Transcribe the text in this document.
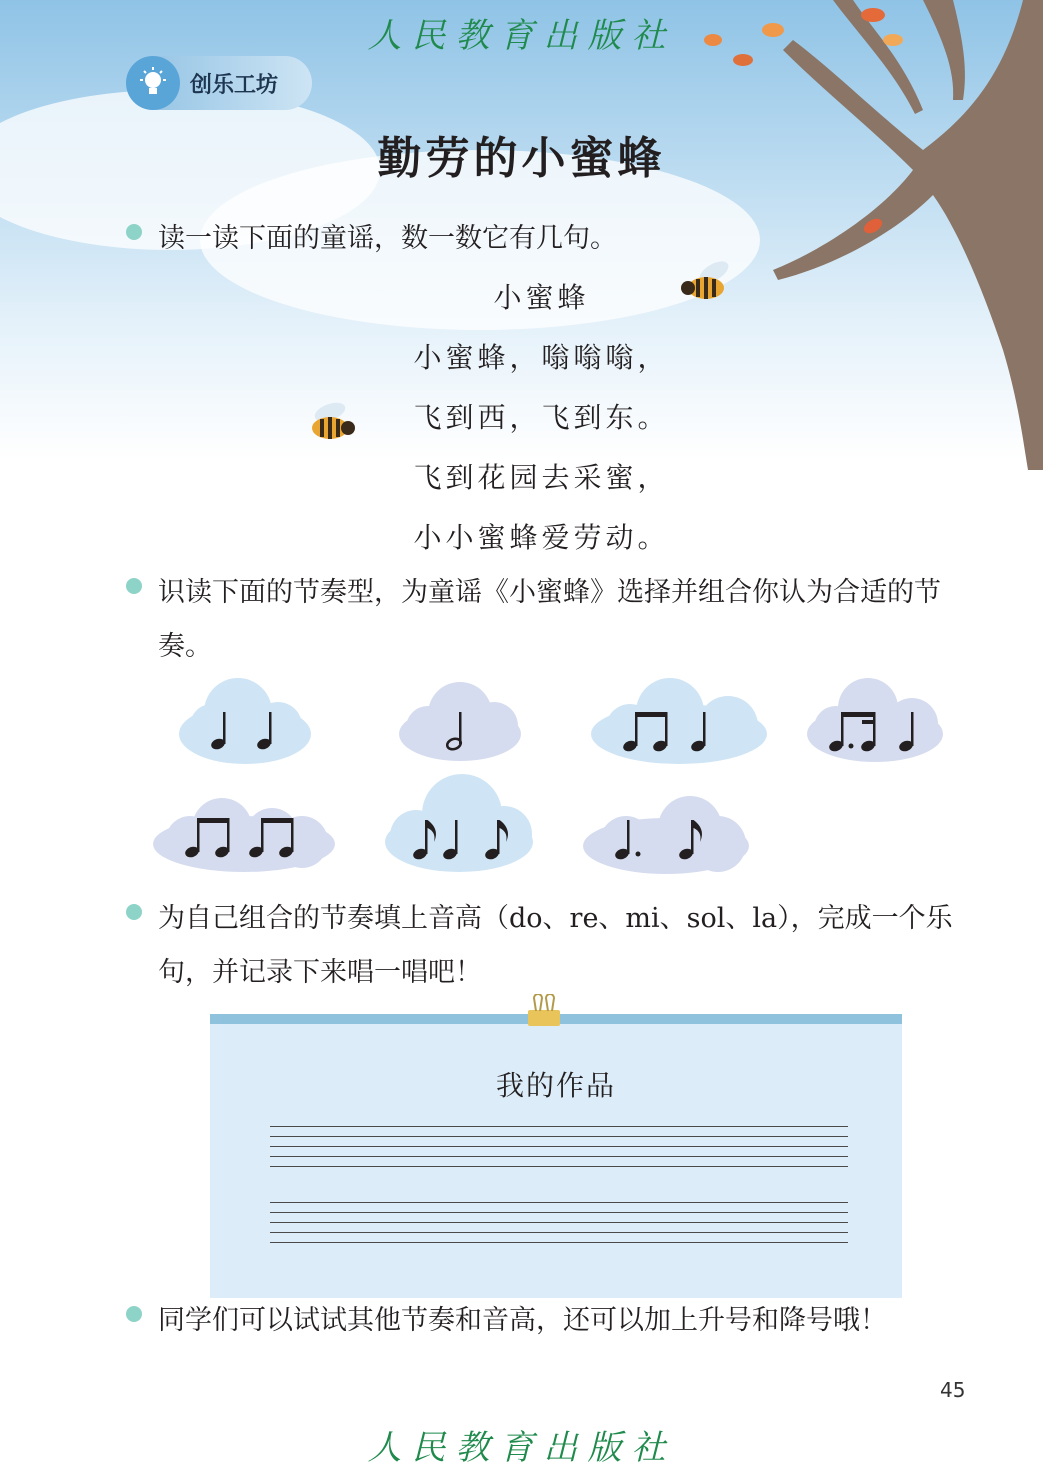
人民教育出版社
创乐工坊
勤劳的小蜜蜂
读一读下面的童谣，数一数它有几句。
小蜜蜂
小蜜蜂，嗡嗡嗡，
飞到西，飞到东。
飞到花园去采蜜，
小小蜜蜂爱劳动。
识读下面的节奏型，为童谣《小蜜蜂》选择并组合你认为合适的节奏。
为自己组合的节奏填上音高（do、re、mi、sol、la），完成一个乐句，并记录下来唱一唱吧！
我的作品
同学们可以试试其他节奏和音高，还可以加上升号和降号哦！
45
人民教育出版社
